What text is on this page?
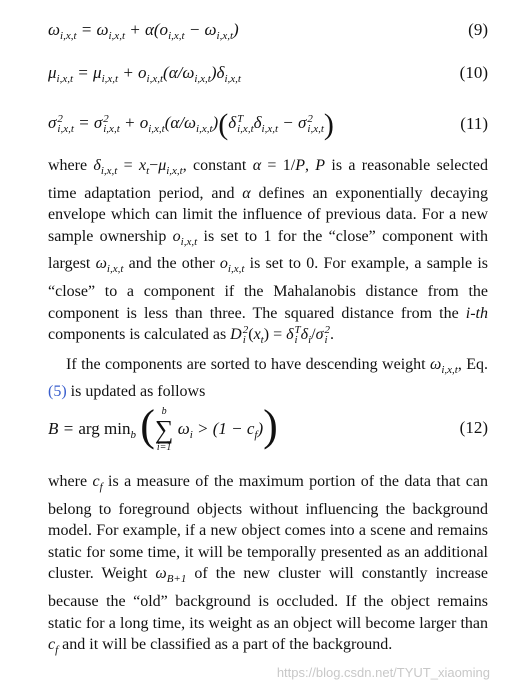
$\omega_{i,x,t} = \omega_{i,x,t} + \alpha(o_{i,x,t} - \omega_{i,x,t})$	(9)
$\mu_{i,x,t} = \mu_{i,x,t} + o_{i,x,t}(\alpha/\omega_{i,x,t})\delta_{i,x,t}$	(10)
σ 2
i,x,t = σ 2
$i,x,t + o_{i,x,t}(\alpha/\omega_{i,x,t})(\delta$ T
i,x,t $\delta_{i,x,t} - \sigma$ 2
i,x,t )	(11)

where $\delta_{i,x,t} = x_t-\mu_{i,x,t}$, constant α = 1/P, P is a reasonable selected time adaptation period, and α defines an exponentially decaying envelope which can limit the influence of previous data. For a new sample ownership $o_{i,x,t}$ is set to 1 for the “close” component with largest $\omega_{i,x,t}$ and the other $o_{i,x,t}$ is set to 0. For example, a sample is “close” to a component if the Mahalanobis distance from the component is less than three. The squared distance from the i-th components is calculated as D 2
i $(x_t) = \delta$ T
i $\delta_i/\sigma$ 2
i .

If the components are sorted to have descending weight $\omega_{i,x,t}$, Eq. (5) is updated as follows

B = arg $\min_b$ ( b
∑
i=1
$\omega_i > (1 - c_f)$)	(12)

where $c_f$ is a measure of the maximum portion of the data that can belong to foreground objects without influencing the background model. For example, if a new object comes into a scene and remains static for some time, it will be temporally presented as an additional cluster. Weight $\omega_{B+1}$ of the new cluster will constantly increase because the “old” background is occluded. If the object remains static for a long time, its weight as an object will become larger than $c_f$ and it will be classified as a part of the background.

https://blog.csdn.net/TYUT_xiaoming
